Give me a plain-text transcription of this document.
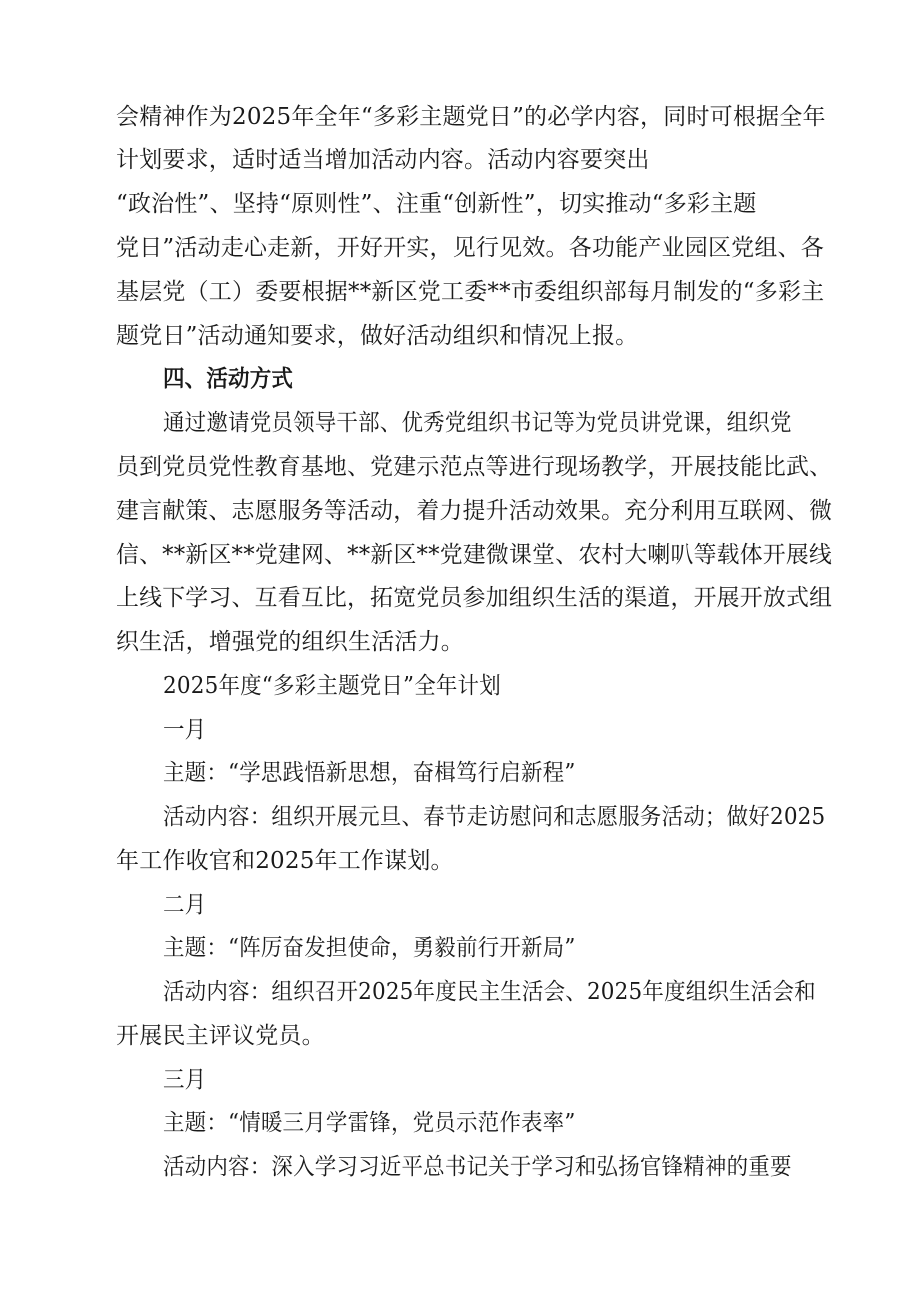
会精神作为2025年全年“多彩主题党日”的必学内容，同时可根据全年
计划要求，适时适当增加活动内容。活动内容要突出
“政治性”、坚持“原则性”、注重“创新性”，切实推动“多彩主题
党日”活动走心走新，开好开实，见行见效。各功能产业园区党组、各
基层党（工）委要根据**新区党工委**市委组织部每月制发的“多彩主
题党日”活动通知要求，做好活动组织和情况上报。
四、活动方式
通过邀请党员领导干部、优秀党组织书记等为党员讲党课，组织党
员到党员党性教育基地、党建示范点等进行现场教学，开展技能比武、
建言献策、志愿服务等活动，着力提升活动效果。充分利用互联网、微
信、**新区**党建网、**新区**党建微课堂、农村大喇叭等载体开展线
上线下学习、互看互比，拓宽党员参加组织生活的渠道，开展开放式组
织生活，增强党的组织生活活力。
2025年度“多彩主题党日”全年计划
一月
主题：“学思践悟新思想，奋楫笃行启新程”
活动内容：组织开展元旦、春节走访慰问和志愿服务活动；做好2025
年工作收官和2025年工作谋划。
二月
主题：“阵厉奋发担使命，勇毅前行开新局”
活动内容：组织召开2025年度民主生活会、2025年度组织生活会和
开展民主评议党员。
三月
主题：“情暖三月学雷锋，党员示范作表率”
活动内容：深入学习习近平总书记关于学习和弘扬官锋精神的重要
